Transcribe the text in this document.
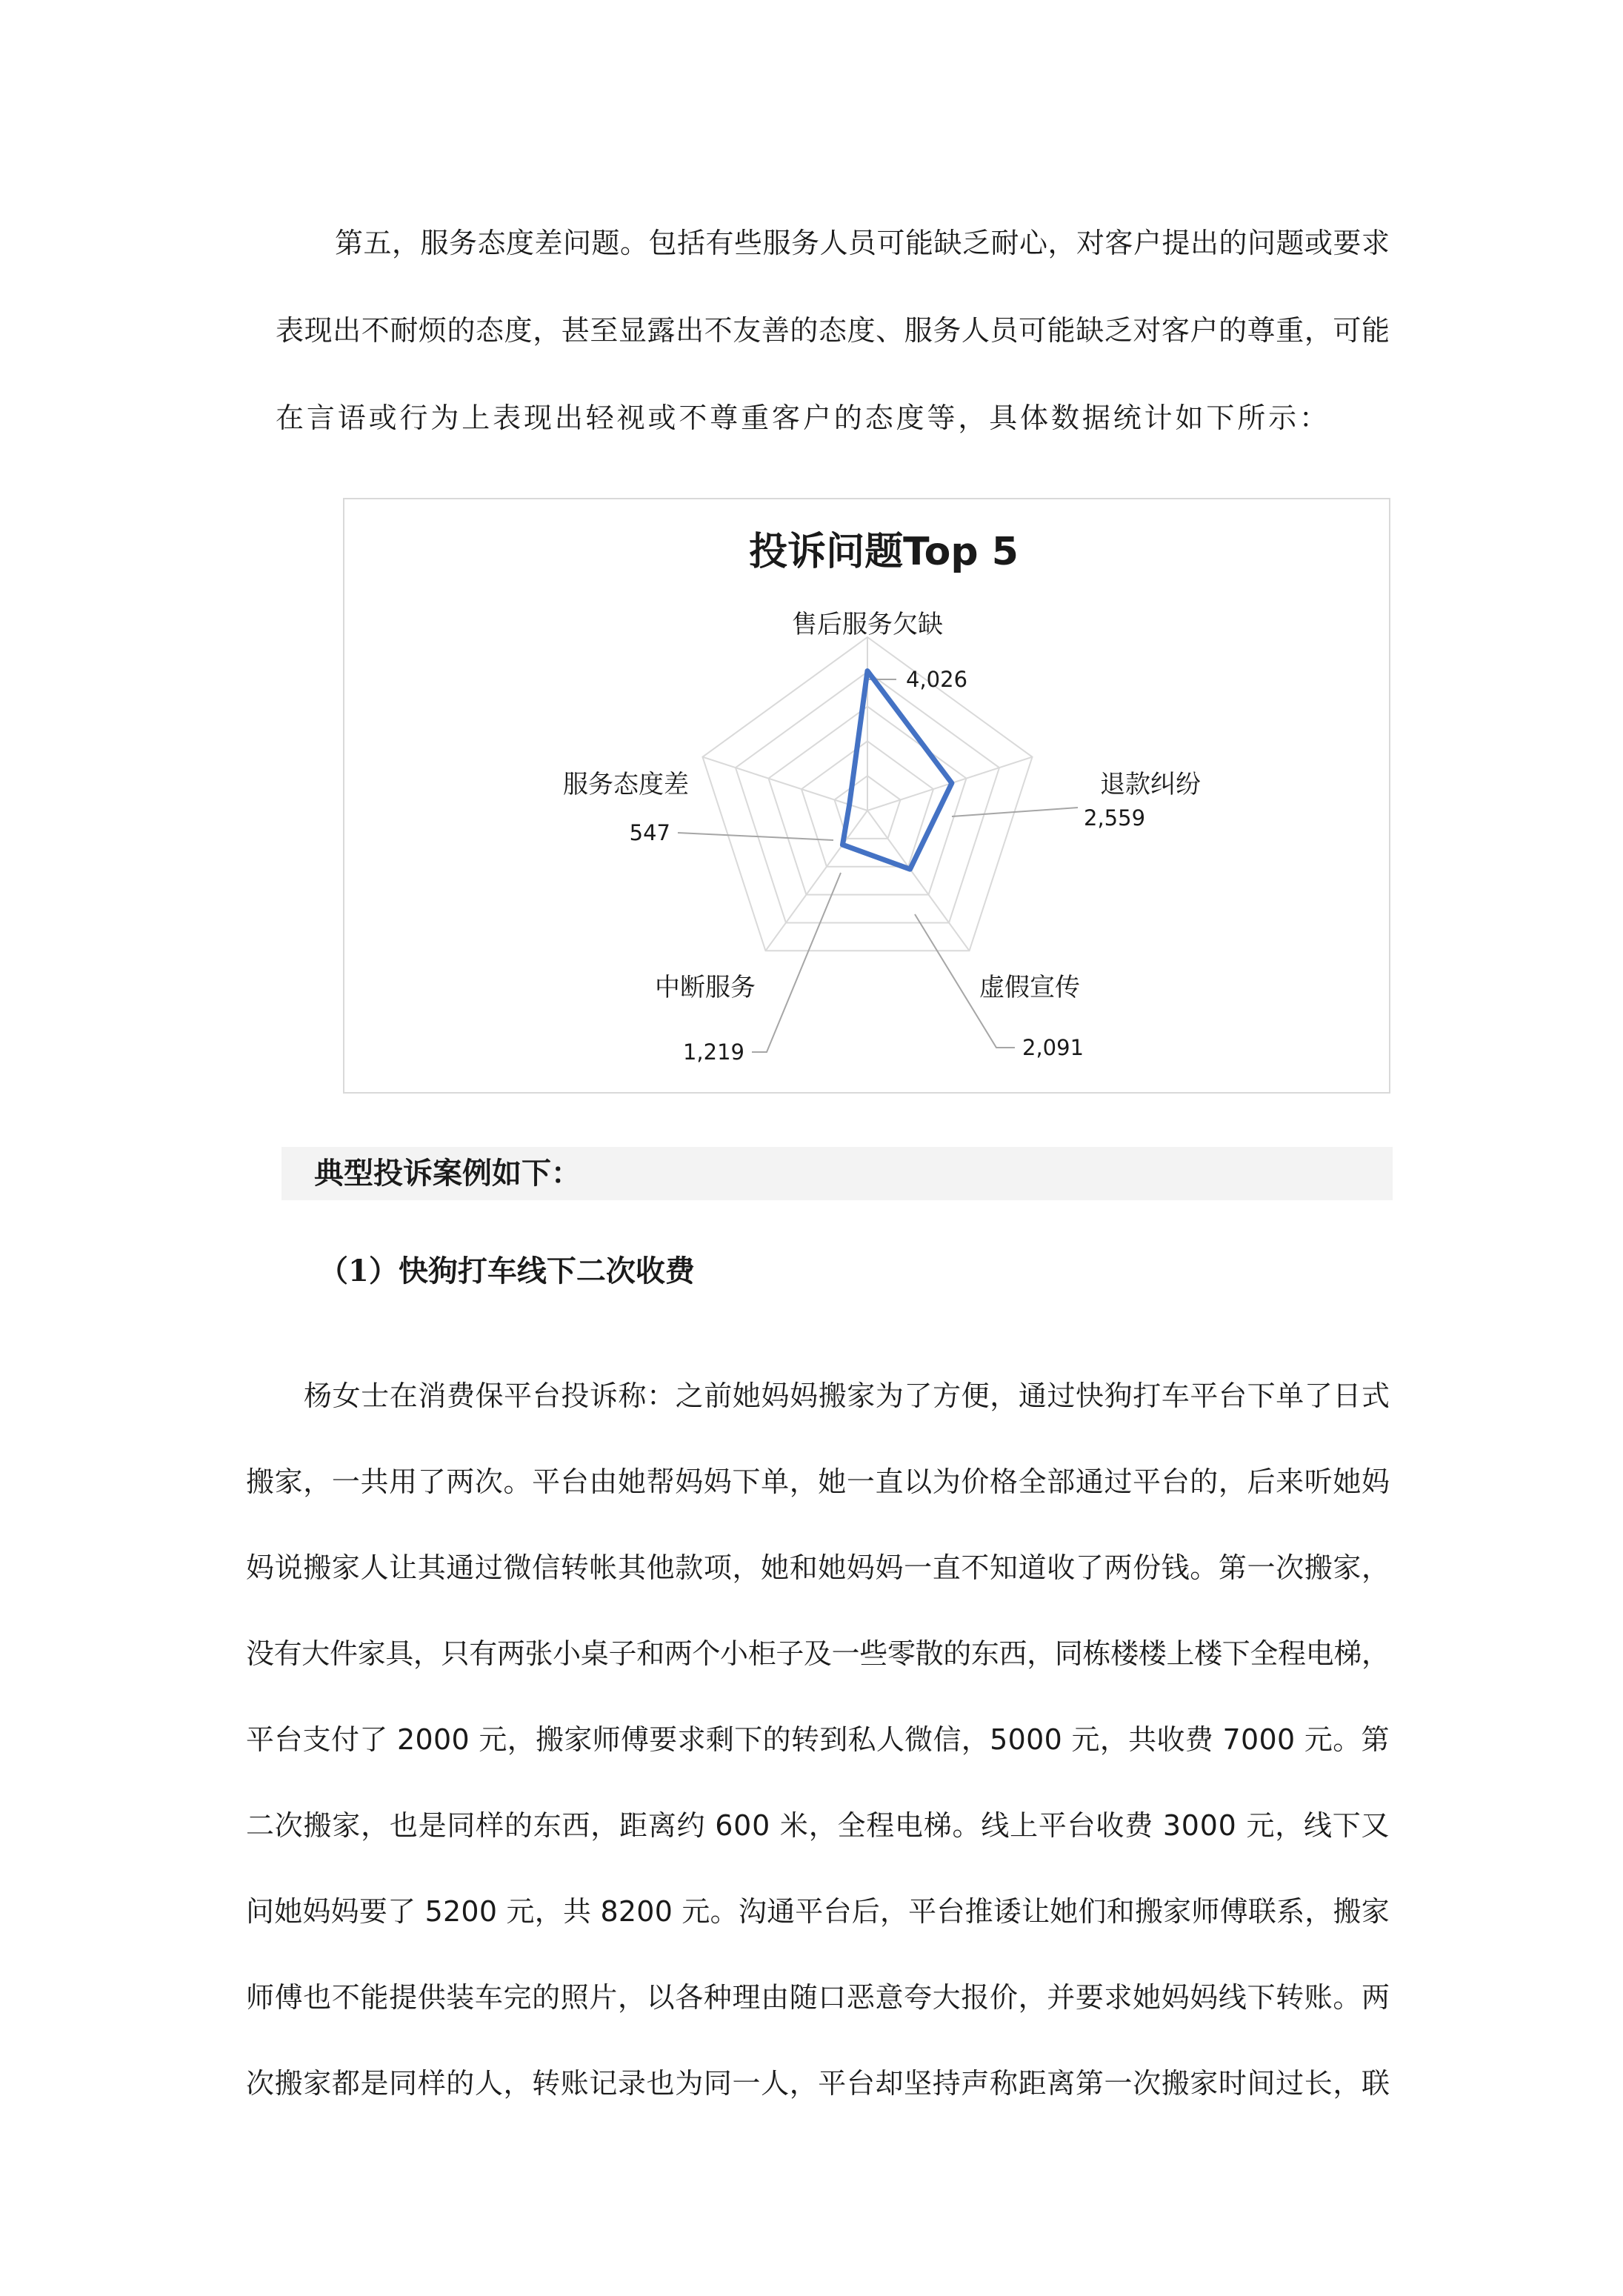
第五，服务态度差问题。包括有些服务人员可能缺乏耐心，对客户提出的问题或要求

表现出不耐烦的态度，甚至显露出不友善的态度、服务人员可能缺乏对客户的尊重，可能

在言语或行为上表现出轻视或不尊重客户的态度等，具体数据统计如下所示：

投诉问题Top 5
售后服务欠缺
4,026
退款纠纷
2,559
虚假宣传
2,091
中断服务
1,219
服务态度差
547

典型投诉案例如下：

（1）快狗打车线下二次收费

杨女士在消费保平台投诉称：之前她妈妈搬家为了方便，通过快狗打车平台下单了日式

搬家，一共用了两次。平台由她帮妈妈下单，她一直以为价格全部通过平台的，后来听她妈

妈说搬家人让其通过微信转帐其他款项，她和她妈妈一直不知道收了两份钱。第一次搬家，

没有大件家具，只有两张小桌子和两个小柜子及一些零散的东西，同栋楼楼上楼下全程电梯，

平台支付了 2000 元，搬家师傅要求剩下的转到私人微信，5000 元，共收费 7000 元。第

二次搬家，也是同样的东西，距离约 600 米，全程电梯。线上平台收费 3000 元，线下又

问她妈妈要了 5200 元，共 8200 元。沟通平台后，平台推诿让她们和搬家师傅联系，搬家

师傅也不能提供装车完的照片，以各种理由随口恶意夸大报价，并要求她妈妈线下转账。两

次搬家都是同样的人，转账记录也为同一人，平台却坚持声称距离第一次搬家时间过长，联
